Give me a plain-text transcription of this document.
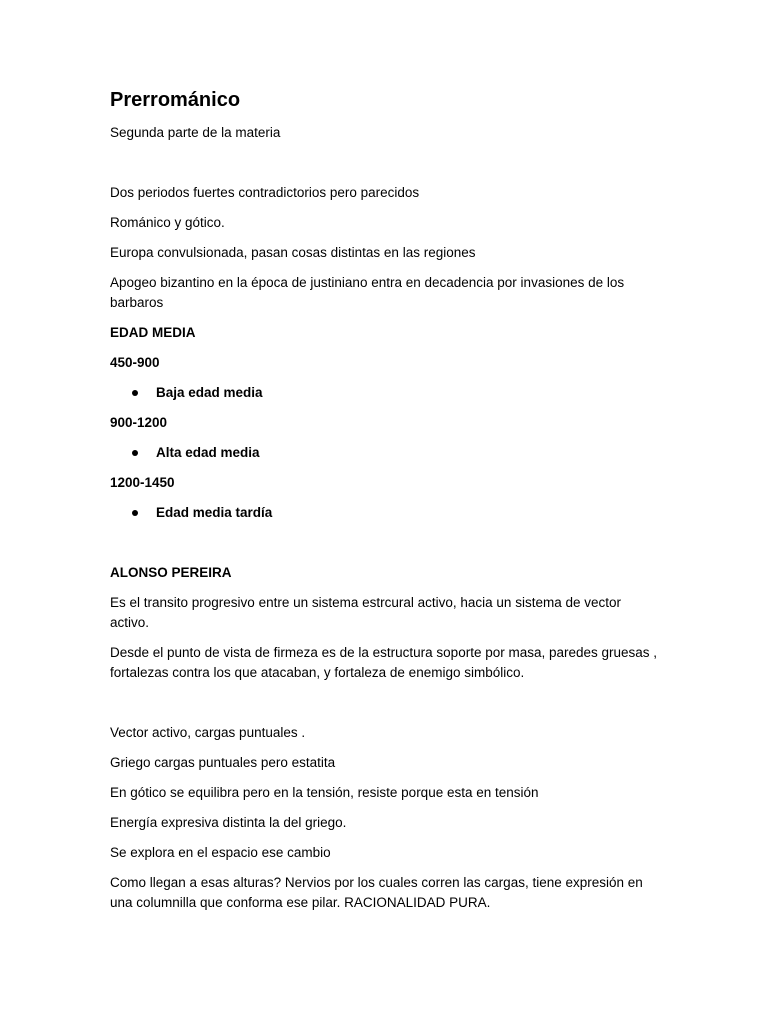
Prerrománico
Segunda parte de la materia
Dos periodos fuertes contradictorios pero parecidos
Románico y gótico.
Europa convulsionada, pasan cosas distintas en las regiones
Apogeo bizantino en la época de justiniano entra en decadencia por invasiones de los barbaros
EDAD MEDIA
450-900
Baja edad media
900-1200
Alta edad media
1200-1450
Edad media tardía
ALONSO PEREIRA
Es el transito progresivo entre un sistema estrcural activo, hacia un sistema de vector activo.
Desde el punto de vista de firmeza es de la estructura soporte por masa, paredes gruesas , fortalezas contra los que atacaban, y fortaleza de enemigo simbólico.
Vector activo, cargas puntuales .
Griego cargas puntuales pero estatita
En gótico se equilibra pero en la tensión, resiste porque esta en tensión
Energía expresiva distinta la del griego.
Se explora en el espacio ese cambio
Como llegan a esas alturas? Nervios por los cuales corren las cargas, tiene expresión en una columnilla que conforma ese pilar. RACIONALIDAD PURA.
